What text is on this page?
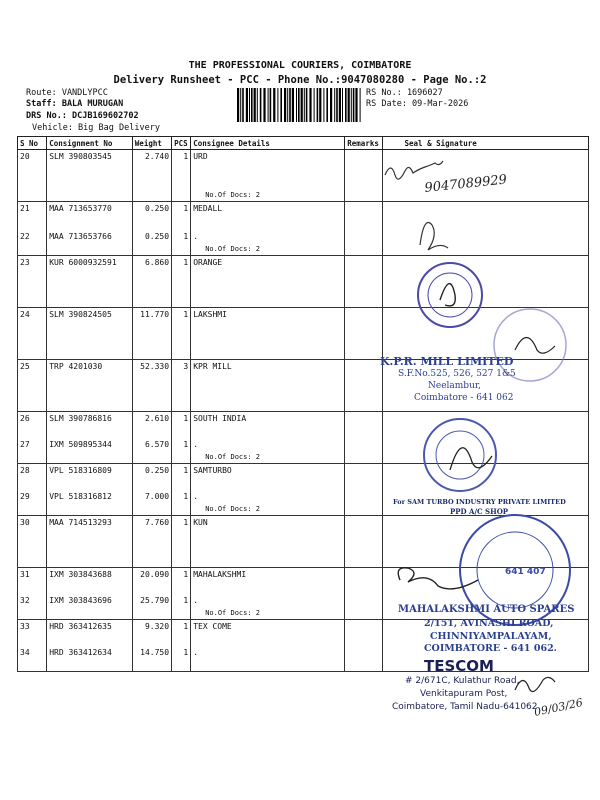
THE PROFESSIONAL COURIERS, COIMBATORE
Delivery Runsheet - PCC - Phone No.:9047080280 - Page No.:2
Route: VANDLYPCC
Staff: BALA MURUGAN
DRS No.: DCJB169602702
Vehicle: Big Bag Delivery
RS No.: 1696027
RS Date: 09-Mar-2026
S No	Consignment No	Weight	PCS	Consignee Details	Remarks	Seal & Signature
20	SLM 390803545	2.740	1	URD
No.Of Docs: 2		

21	MAA 713653770	0.250	1	MEDALL		
22	MAA 713653766	0.250	1	.
No.Of Docs: 2		

23	KUR 6000932591	6.860	1	ORANGE		
24	SLM 390824505	11.770	1	LAKSHMI		
25	TRP 4201030	52.330	3	KPR MILL		
26	SLM 390786816	2.610	1	SOUTH INDIA		
27	IXM 509895344	6.570	1	.
No.Of Docs: 2		

28	VPL 518316809	0.250	1	SAMTURBO		
29	VPL 518316812	7.000	1	.
No.Of Docs: 2		

30	MAA 714513293	7.760	1	KUN		
31	IXM 303843688	20.090	1	MAHALAKSHMI		
32	IXM 303843696	25.790	1	.
No.Of Docs: 2		

33	HRD 363412635	9.320	1	TEX COME		
34	HRD 363412634	14.750	1	.		
9047089929
641 407
09/03/26
K.P.R. MILL LIMITED
S.F.No.525, 526, 527 1&5
Neelambur,
Coimbatore - 641 062
For SAM TURBO INDUSTRY PRIVATE LIMITED
PPD A/C SHOP
MAHALAKSHMI AUTO SPARES
2/151, AVINASHI ROAD,
CHINNIYAMPALAYAM,
COIMBATORE - 641 062.
TESCOM
# 2/671C, Kulathur Road,
Venkitapuram Post,
Coimbatore, Tamil Nadu-641062
